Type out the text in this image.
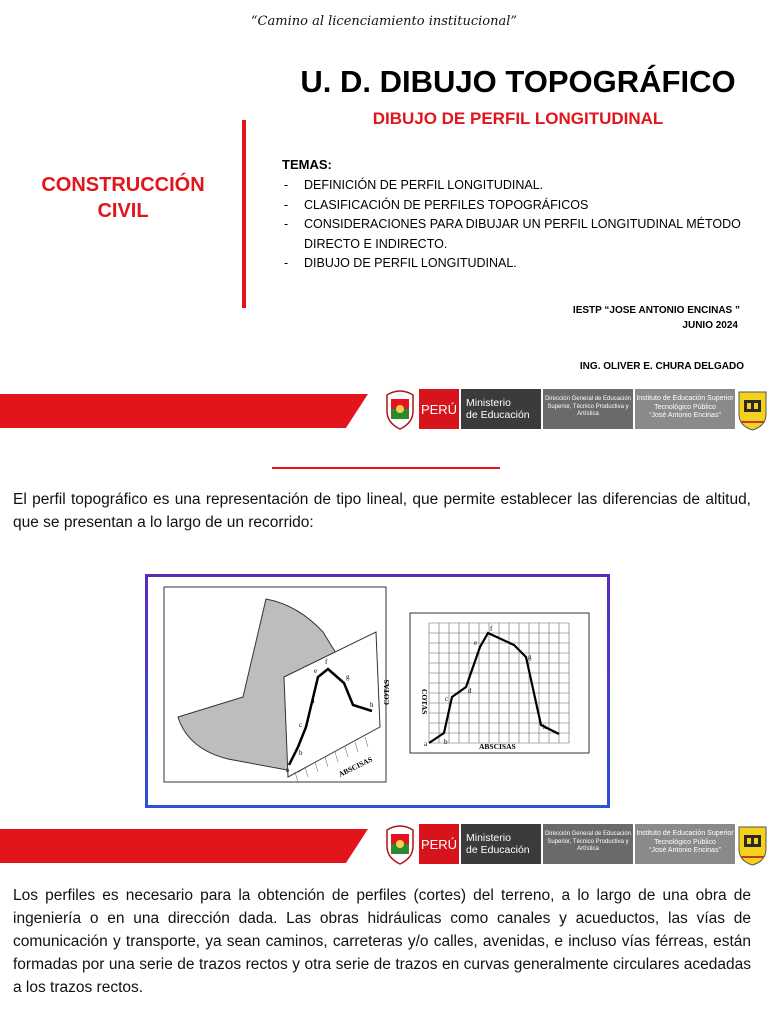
“Camino al licenciamiento institucional”
U. D. DIBUJO TOPOGRÁFICO
DIBUJO DE PERFIL LONGITUDINAL
CONSTRUCCIÓN
CIVIL
TEMAS:
- DEFINICIÓN DE PERFIL LONGITUDINAL.
- CLASIFICACIÓN DE PERFILES TOPOGRÁFICOS
- CONSIDERACIONES PARA DIBUJAR UN PERFIL LONGITUDINAL MÉTODO DIRECTO E INDIRECTO.
- DIBUJO DE PERFIL LONGITUDINAL.
IESTP “JOSE ANTONIO ENCINAS ”
JUNIO 2024
ING. OLIVER E. CHURA DELGADO
PERÚ Ministerio
de Educación
Dirección General de Educación
Superior, Técnico Productiva y
Artística
Instituto de Educación Superior
Tecnológico Público
“José Antonio Encinas”
El perfil topográfico es una representación de tipo lineal, que permite establecer las diferencias de altitud, que se presentan a lo largo de un recorrido:
a
b
c
d
e
f
g
h
ABSCISAS
COTAS
a b
c
d
e
f
g
h
ABSCISAS
COTAS
PERÚ Ministerio
de Educación
Dirección General de Educación
Superior, Técnico Productiva y
Artística
Instituto de Educación Superior
Tecnológico Público
“José Antonio Encinas”
Los perfiles es necesario para la obtención de perfiles (cortes) del terreno, a lo largo de una obra de ingeniería o en una dirección dada. Las obras hidráulicas como canales y acueductos, las vías de comunicación y transporte, ya sean caminos, carreteras y/o calles, avenidas, e incluso vías férreas, están formadas por una serie de trazos rectos y otra serie de trazos en curvas generalmente circulares acedadas a los trazos rectos.
